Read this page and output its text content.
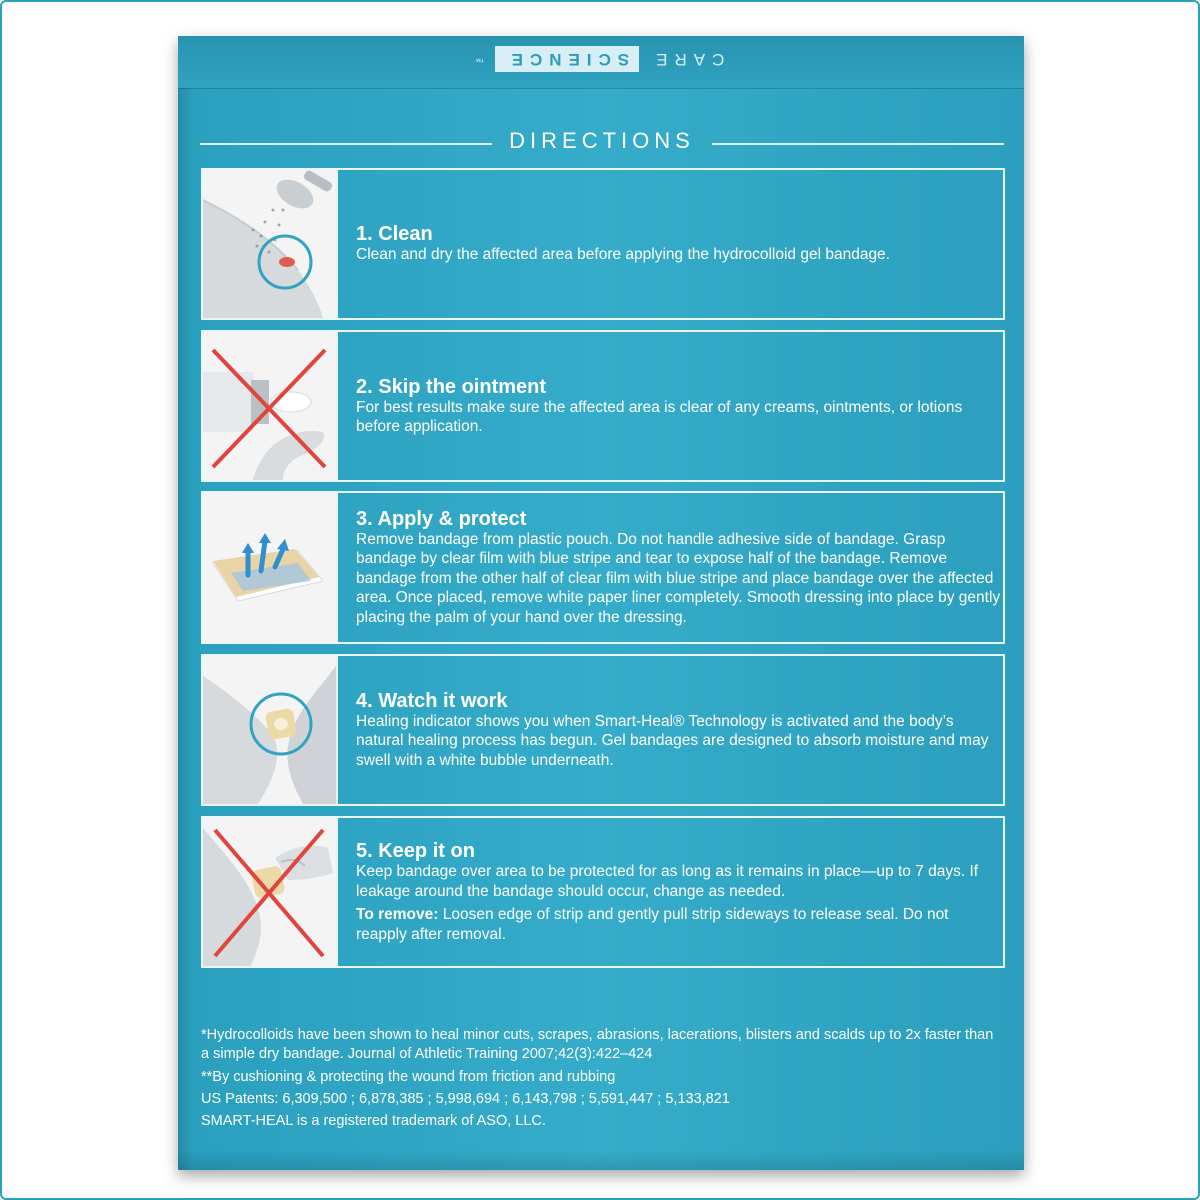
CARE
SCIENCE
™
DIRECTIONS
1. Clean
Clean and dry the affected area before applying the hydrocolloid gel bandage.
2. Skip the ointment
For best results make sure the affected area is clear of any creams, ointments, or lotions before application.
3. Apply & protect
Remove bandage from plastic pouch. Do not handle adhesive side of bandage. Grasp bandage by clear film with blue stripe and tear to expose half of the bandage. Remove bandage from the other half of clear film with blue stripe and place bandage over the affected area. Once placed, remove white paper liner completely. Smooth dressing into place by gently placing the palm of your hand over the dressing.
4. Watch it work
Healing indicator shows you when Smart-Heal® Technology is activated and the body’s natural healing process has begun. Gel bandages are designed to absorb moisture and may swell with a white bubble underneath.
5. Keep it on
Keep bandage over area to be protected for as long as it remains in place—up to 7 days. If leakage around the bandage should occur, change as needed.
To remove: Loosen edge of strip and gently pull strip sideways to release seal. Do not reapply after removal.
*Hydrocolloids have been shown to heal minor cuts, scrapes, abrasions, lacerations, blisters and scalds up to 2x faster than a simple dry bandage. Journal of Athletic Training 2007;42(3):422–424
**By cushioning & protecting the wound from friction and rubbing
US Patents: 6,309,500 ; 6,878,385 ; 5,998,694 ; 6,143,798 ; 5,591,447 ; 5,133,821
SMART-HEAL is a registered trademark of ASO, LLC.
